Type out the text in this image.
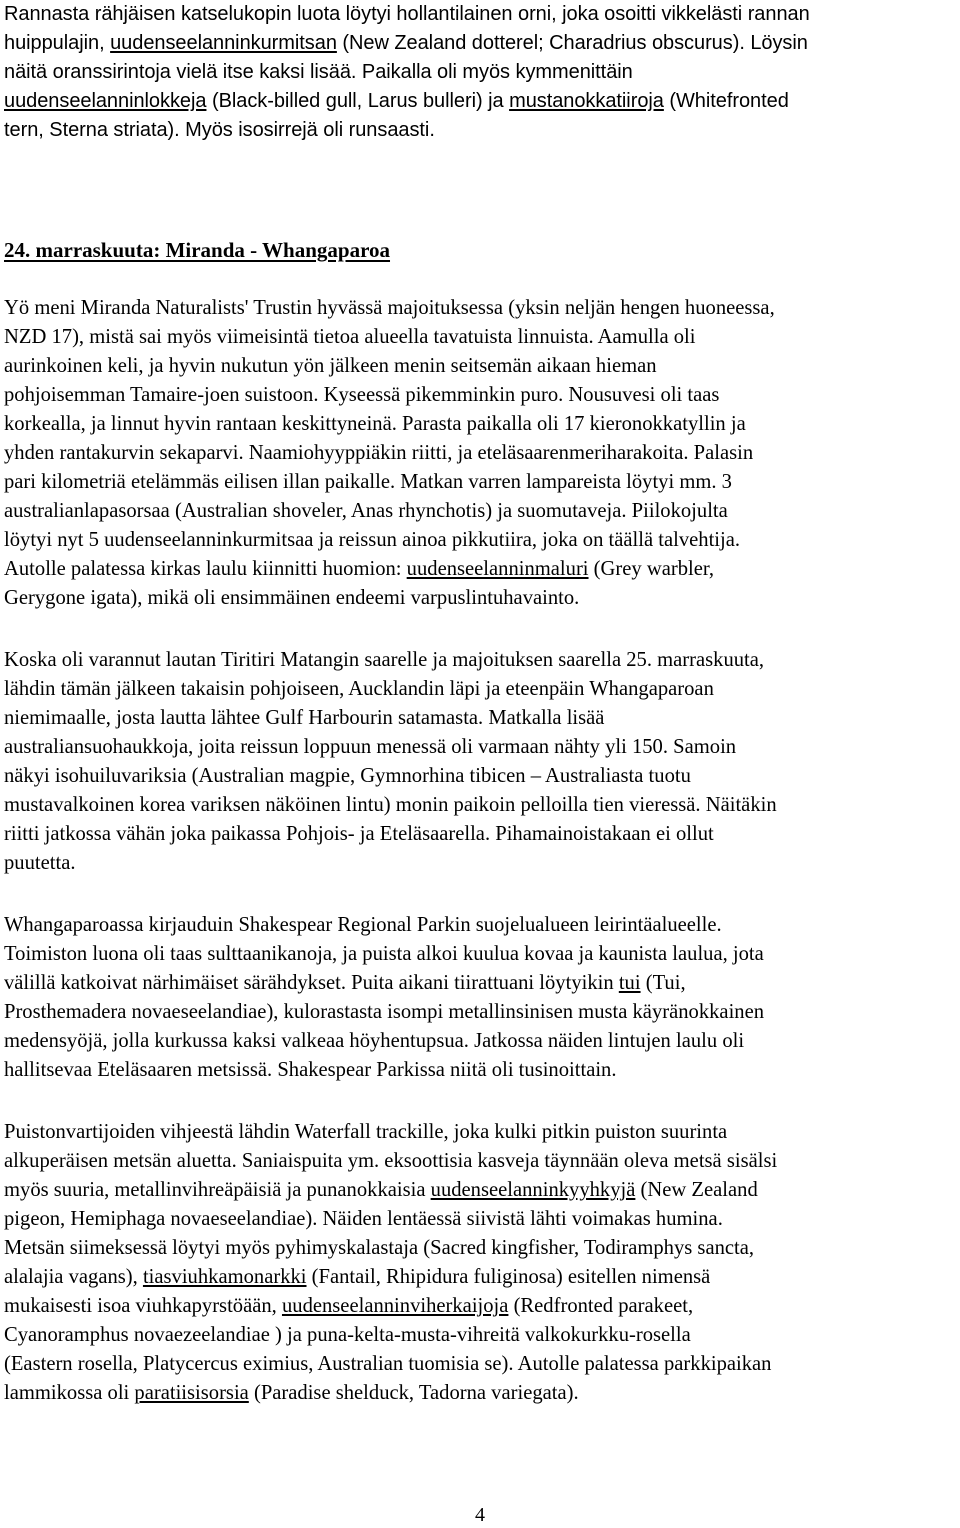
Rannasta rähjäisen katselukopin luota löytyi hollantilainen orni, joka osoitti vikkelästi rannan
huippulajin, uudenseelanninkurmitsan (New Zealand dotterel; Charadrius obscurus). Löysin
näitä oranssirintoja vielä itse kaksi lisää. Paikalla oli myös kymmenittäin
uudenseelanninlokkeja (Black-billed gull, Larus bulleri) ja mustanokkatiiroja (Whitefronted
tern, Sterna striata). Myös isosirrejä oli runsaasti.
24. marraskuuta: Miranda - Whangaparoa
Yö meni Miranda Naturalists' Trustin hyvässä majoituksessa (yksin neljän hengen huoneessa,
NZD 17), mistä sai myös viimeisintä tietoa alueella tavatuista linnuista. Aamulla oli
aurinkoinen keli, ja hyvin nukutun yön jälkeen menin seitsemän aikaan hieman
pohjoisemman Tamaire-joen suistoon. Kyseessä pikemminkin puro. Nousuvesi oli taas
korkealla, ja linnut hyvin rantaan keskittyneinä. Parasta paikalla oli 17 kieronokkatyllin ja
yhden rantakurvin sekaparvi. Naamiohyyppiäkin riitti, ja eteläsaarenmeriharakoita. Palasin
pari kilometriä etelämmäs eilisen illan paikalle. Matkan varren lampareista löytyi mm. 3
australianlapasorsaa (Australian shoveler, Anas rhynchotis) ja suomutaveja. Piilokojulta
löytyi nyt 5 uudenseelanninkurmitsaa ja reissun ainoa pikkutiira, joka on täällä talvehtija.
Autolle palatessa kirkas laulu kiinnitti huomion: uudenseelanninmaluri (Grey warbler,
Gerygone igata), mikä oli ensimmäinen endeemi varpuslintuhavainto.
Koska oli varannut lautan Tiritiri Matangin saarelle ja majoituksen saarella 25. marraskuuta,
lähdin tämän jälkeen takaisin pohjoiseen, Aucklandin läpi ja eteenpäin Whangaparoan
niemimaalle, josta lautta lähtee Gulf Harbourin satamasta. Matkalla lisää
australiansuohaukkoja, joita reissun loppuun menessä oli varmaan nähty yli 150. Samoin
näkyi isohuiluvariksia (Australian magpie, Gymnorhina tibicen – Australiasta tuotu
mustavalkoinen korea variksen näköinen lintu) monin paikoin pelloilla tien vieressä. Näitäkin
riitti jatkossa vähän joka paikassa Pohjois- ja Eteläsaarella. Pihamainoistakaan ei ollut
puutetta.
Whangaparoassa kirjauduin Shakespear Regional Parkin suojelualueen leirintäalueelle.
Toimiston luona oli taas sulttaanikanoja, ja puista alkoi kuulua kovaa ja kaunista laulua, jota
välillä katkoivat närhimäiset särähdykset. Puita aikani tiirattuani löytyikin tui (Tui,
Prosthemadera novaeseelandiae), kulorastasta isompi metallinsinisen musta käyränokkainen
medensyöjä, jolla kurkussa kaksi valkeaa höyhentupsua. Jatkossa näiden lintujen laulu oli
hallitsevaa Eteläsaaren metsissä. Shakespear Parkissa niitä oli tusinoittain.
Puistonvartijoiden vihjeestä lähdin Waterfall trackille, joka kulki pitkin puiston suurinta
alkuperäisen metsän aluetta. Saniaispuita ym. eksoottisia kasveja täynnään oleva metsä sisälsi
myös suuria, metallinvihreäpäisiä ja punanokkaisia uudenseelanninkyyhkyjä (New Zealand
pigeon, Hemiphaga novaeseelandiae). Näiden lentäessä siivistä lähti voimakas humina.
Metsän siimeksessä löytyi myös pyhimyskalastaja (Sacred kingfisher, Todiramphys sancta,
alalajia vagans), tiasviuhkamonarkki (Fantail, Rhipidura fuliginosa) esitellen nimensä
mukaisesti isoa viuhkapyrstöään, uudenseelanninviherkaijoja (Redfronted parakeet,
Cyanoramphus novaezeelandiae ) ja puna-kelta-musta-vihreitä valkokurkku-rosella
(Eastern rosella, Platycercus eximius, Australian tuomisia se). Autolle palatessa parkkipaikan
lammikossa oli paratiisisorsia (Paradise shelduck, Tadorna variegata).
4
